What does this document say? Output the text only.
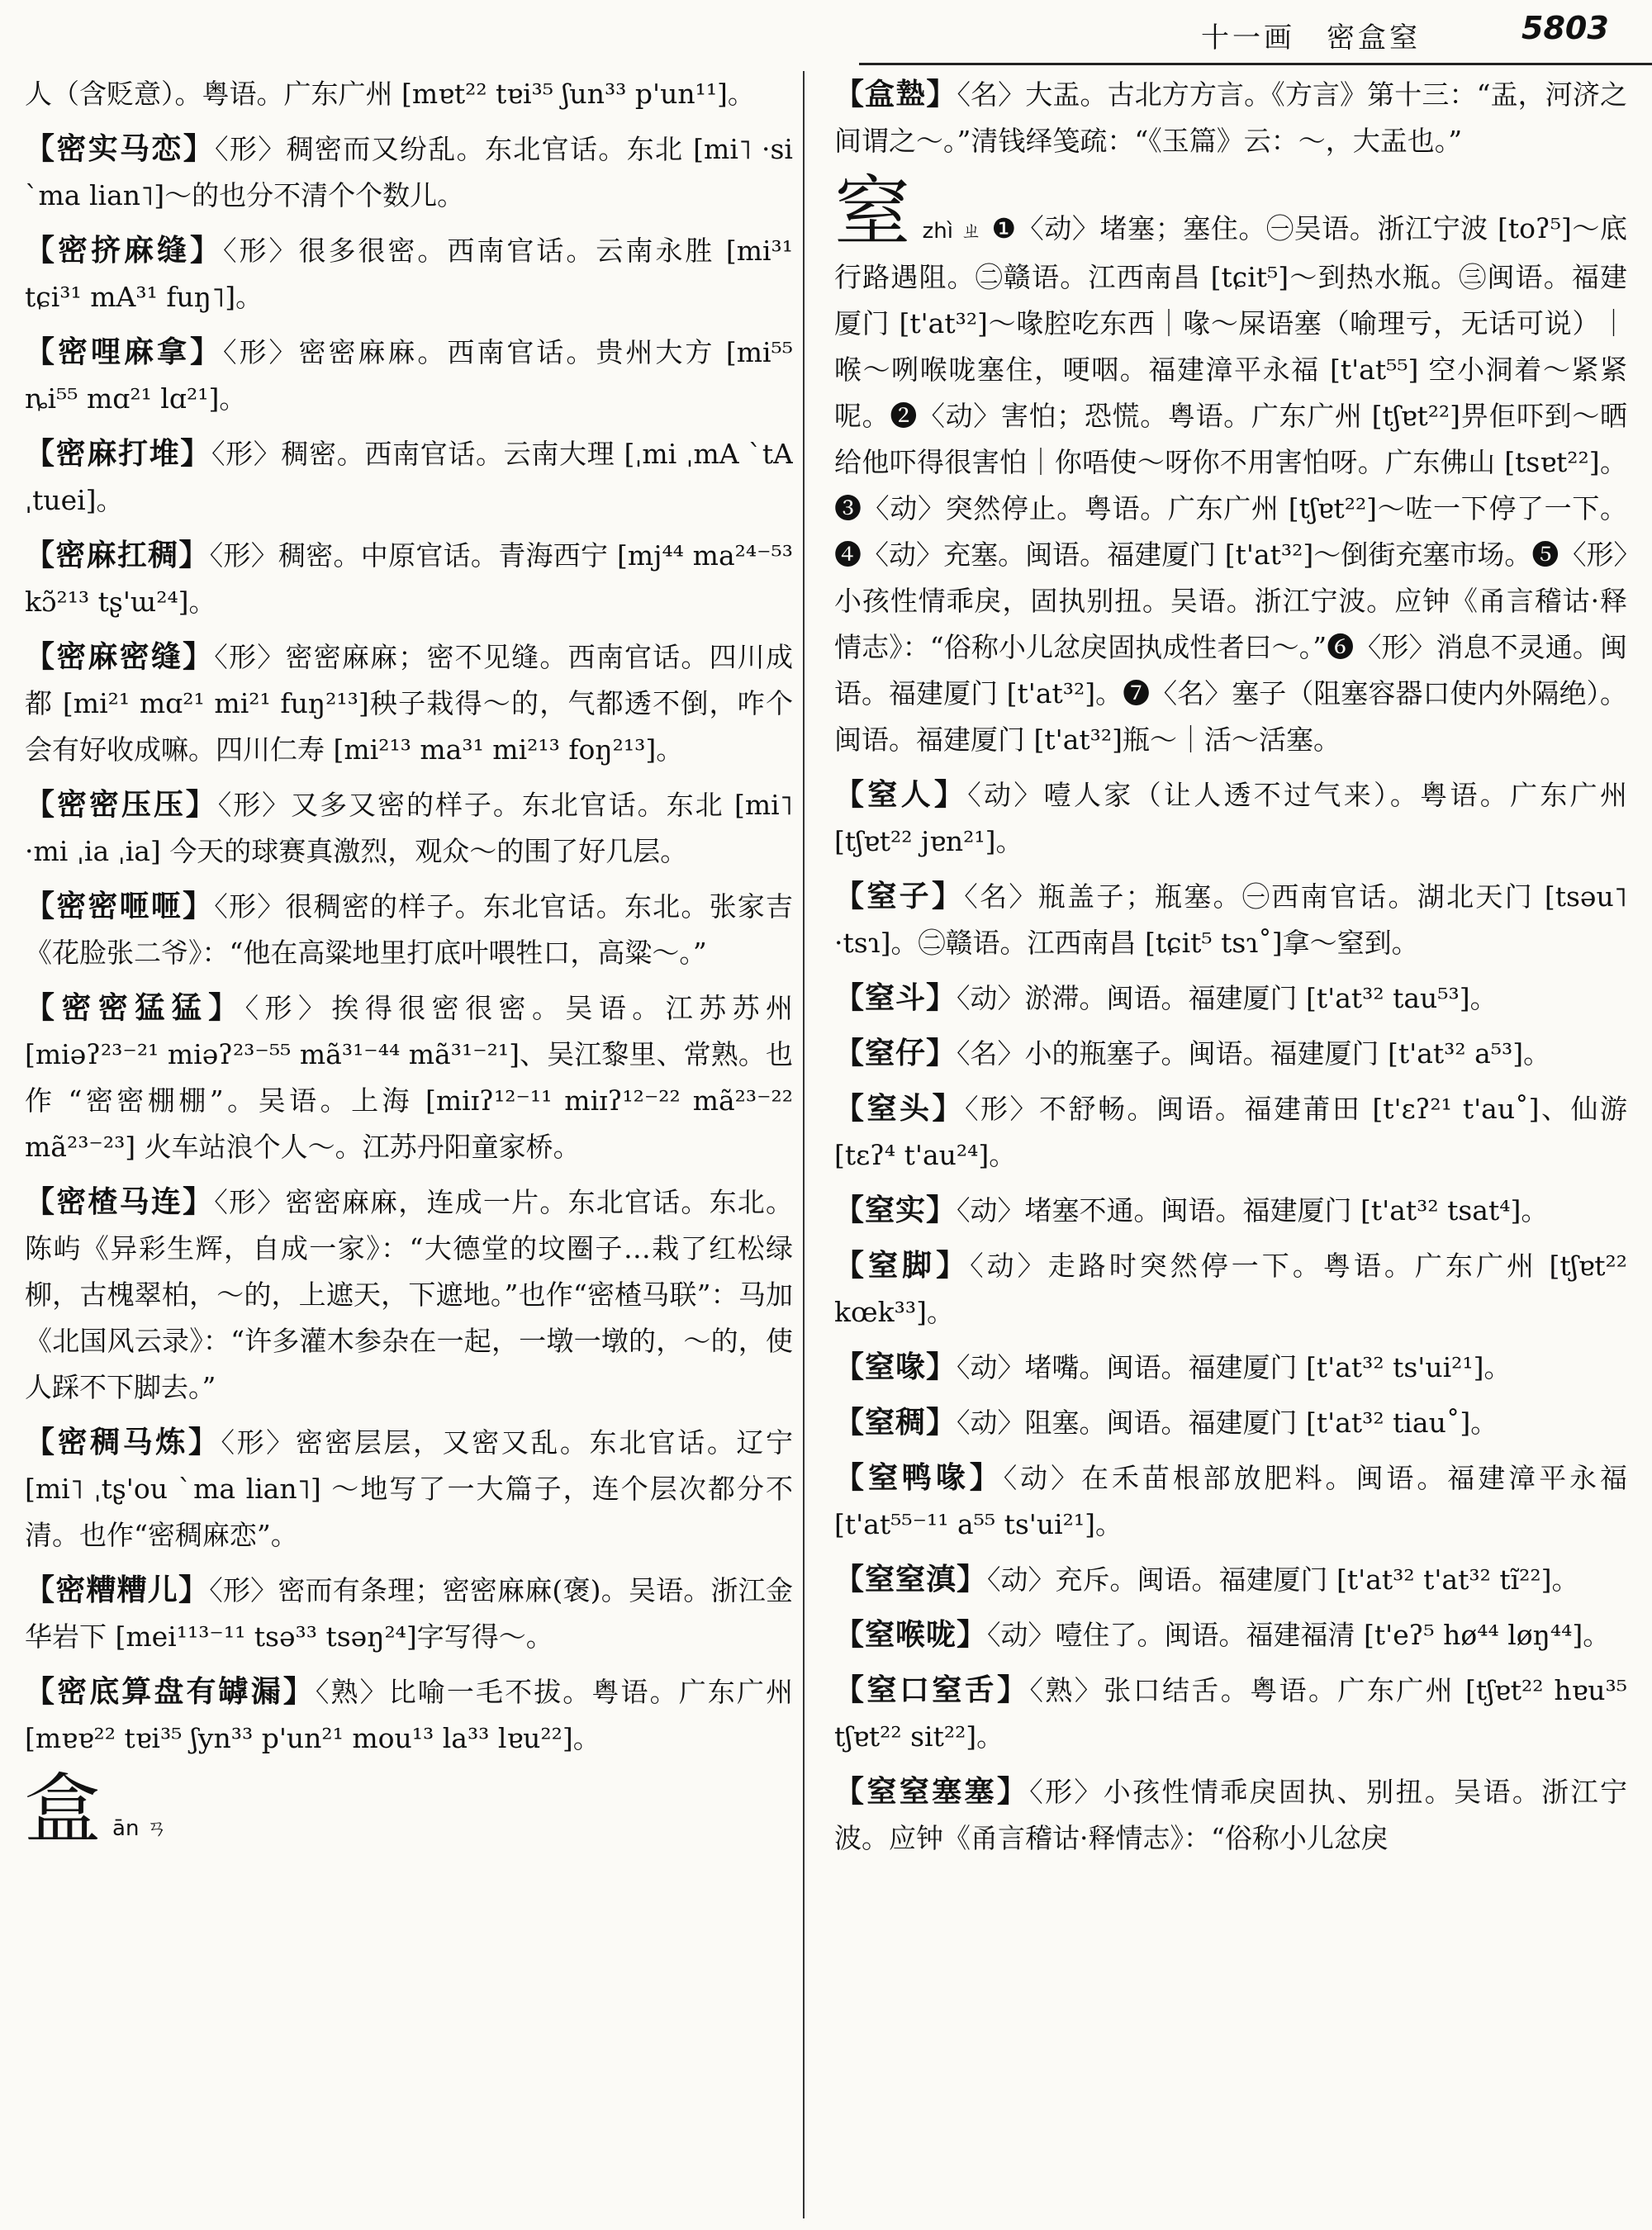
十一画　密盒窒	5803

人（含贬意）。粤语。广东广州 [mɐt²² tɐi³⁵ ʃun³³ p'un¹¹]。

【密实马恋】〈形〉稠密而又纷乱。东北官话。东北 [mi˥ ·si ˋma lian˥]～的也分不清个个数儿。

【密挤麻缝】〈形〉很多很密。西南官话。云南永胜 [mi³¹ tɕi³¹ mA³¹ fuŋ˥]。

【密哩麻拿】〈形〉密密麻麻。西南官话。贵州大方 [mi⁵⁵ ȵi⁵⁵ mɑ²¹ lɑ²¹]。

【密麻打堆】〈形〉稠密。西南官话。云南大理 [ˌmi ˌmA ˋtA ˌtuei]。

【密麻扛稠】〈形〉稠密。中原官话。青海西宁 [mj⁴⁴ ma²⁴⁻⁵³ kɔ̃²¹³ tʂ'ɯ²⁴]。

【密麻密缝】〈形〉密密麻麻；密不见缝。西南官话。四川成都 [mi²¹ mɑ²¹ mi²¹ fuŋ²¹³]秧子栽得～的，气都透不倒，咋个会有好收成嘛。四川仁寿 [mi²¹³ ma³¹ mi²¹³ foŋ²¹³]。

【密密压压】〈形〉又多又密的样子。东北官话。东北 [mi˥ ·mi ˌia ˌia] 今天的球赛真激烈，观众～的围了好几层。

【密密咂咂】〈形〉很稠密的样子。东北官话。东北。张家吉《花脸张二爷》：“他在高粱地里打底叶喂牲口，高粱～。”

【密密猛猛】〈形〉挨得很密很密。吴语。江苏苏州 [miəʔ²³⁻²¹ miəʔ²³⁻⁵⁵ mã³¹⁻⁴⁴ mã³¹⁻²¹]、吴江黎里、常熟。也作 “密密棚棚”。吴语。上海 [miɪʔ¹²⁻¹¹ miɪʔ¹²⁻²² mã²³⁻²² mã²³⁻²³] 火车站浪个人～。江苏丹阳童家桥。

【密楂马连】〈形〉密密麻麻，连成一片。东北官话。东北。陈屿《异彩生辉，自成一家》：“大德堂的坟圈子…栽了红松绿柳，古槐翠柏，～的，上遮天，下遮地。”也作“密楂马联”：马加《北国风云录》：“许多灌木参杂在一起，一墩一墩的，～的，使人踩不下脚去。”

【密稠马炼】〈形〉密密层层，又密又乱。东北官话。辽宁 [mi˥ ˌtʂ'ou ˋma lian˥] ～地写了一大篇子，连个层次都分不清。也作“密稠麻恋”。

【密糟糟儿】〈形〉密而有条理；密密麻麻(褒)。吴语。浙江金华岩下 [mei¹¹³⁻¹¹ tsə³³ tsəŋ²⁴]字写得～。

【密底算盘有罅漏】〈熟〉比喻一毛不拔。粤语。广东广州 [mɐɐ²² tɐi³⁵ ʃyn³³ p'un²¹ mou¹³ la³³ lɐu²²]。

盒ān ㄢ

【盒𥂕】〈名〉大盂。古北方方言。《方言》第十三：“盂，河济之间谓之～。”清钱绎笺疏：“《玉篇》云：～，大盂也。”

窒zhì ㄓ ❶〈动〉堵塞；塞住。㊀吴语。浙江宁波 [toʔ⁵]～底行路遇阻。㊁赣语。江西南昌 [tɕit⁵]～到热水瓶。㊂闽语。福建厦门 [t'at³²]～喙腔吃东西｜喙～屎语塞（喻理亏，无话可说）｜喉～咧喉咙塞住，哽咽。福建漳平永福 [t'at⁵⁵] 空小洞着～紧紧呢。❷〈动〉害怕；恐慌。粤语。广东广州 [tʃɐt²²]畀佢吓到～晒给他吓得很害怕｜你唔使～呀你不用害怕呀。广东佛山 [tsɐt²²]。❸〈动〉突然停止。粤语。广东广州 [tʃɐt²²]～咗一下停了一下。❹〈动〉充塞。闽语。福建厦门 [t'at³²]～倒街充塞市场。❺〈形〉小孩性情乖戾，固执别扭。吴语。浙江宁波。应钟《甬言稽诂·释情志》：“俗称小儿忿戾固执成性者曰～。”❻〈形〉消息不灵通。闽语。福建厦门 [t'at³²]。❼〈名〉塞子（阻塞容器口使内外隔绝）。闽语。福建厦门 [t'at³²]瓶～｜活～活塞。

【窒人】〈动〉噎人家（让人透不过气来）。粤语。广东广州 [tʃɐt²² jɐn²¹]。

【窒子】〈名〉瓶盖子；瓶塞。㊀西南官话。湖北天门 [tsəu˥ ·tsɿ]。㊁赣语。江西南昌 [tɕit⁵ tsɿ˚]拿～窒到。

【窒斗】〈动〉淤滞。闽语。福建厦门 [t'at³² tau⁵³]。

【窒仔】〈名〉小的瓶塞子。闽语。福建厦门 [t'at³² a⁵³]。

【窒头】〈形〉不舒畅。闽语。福建莆田 [t'ɛʔ²¹ t'au˚]、仙游 [tɛʔ⁴ t'au²⁴]。

【窒实】〈动〉堵塞不通。闽语。福建厦门 [t'at³² tsat⁴]。

【窒脚】〈动〉走路时突然停一下。粤语。广东广州 [tʃɐt²² kœk³³]。

【窒喙】〈动〉堵嘴。闽语。福建厦门 [t'at³² ts'ui²¹]。

【窒稠】〈动〉阻塞。闽语。福建厦门 [t'at³² tiau˚]。

【窒鸭喙】〈动〉在禾苗根部放肥料。闽语。福建漳平永福 [t'at⁵⁵⁻¹¹ a⁵⁵ ts'ui²¹]。

【窒窒滇】〈动〉充斥。闽语。福建厦门 [t'at³² t'at³² tĩ²²]。

【窒喉咙】〈动〉噎住了。闽语。福建福清 [t'eʔ⁵ hø⁴⁴ løŋ⁴⁴]。

【窒口窒舌】〈熟〉张口结舌。粤语。广东广州 [tʃɐt²² hɐu³⁵ tʃɐt²² sit²²]。

【窒窒塞塞】〈形〉小孩性情乖戾固执、别扭。吴语。浙江宁波。应钟《甬言稽诂·释情志》：“俗称小儿忿戾
